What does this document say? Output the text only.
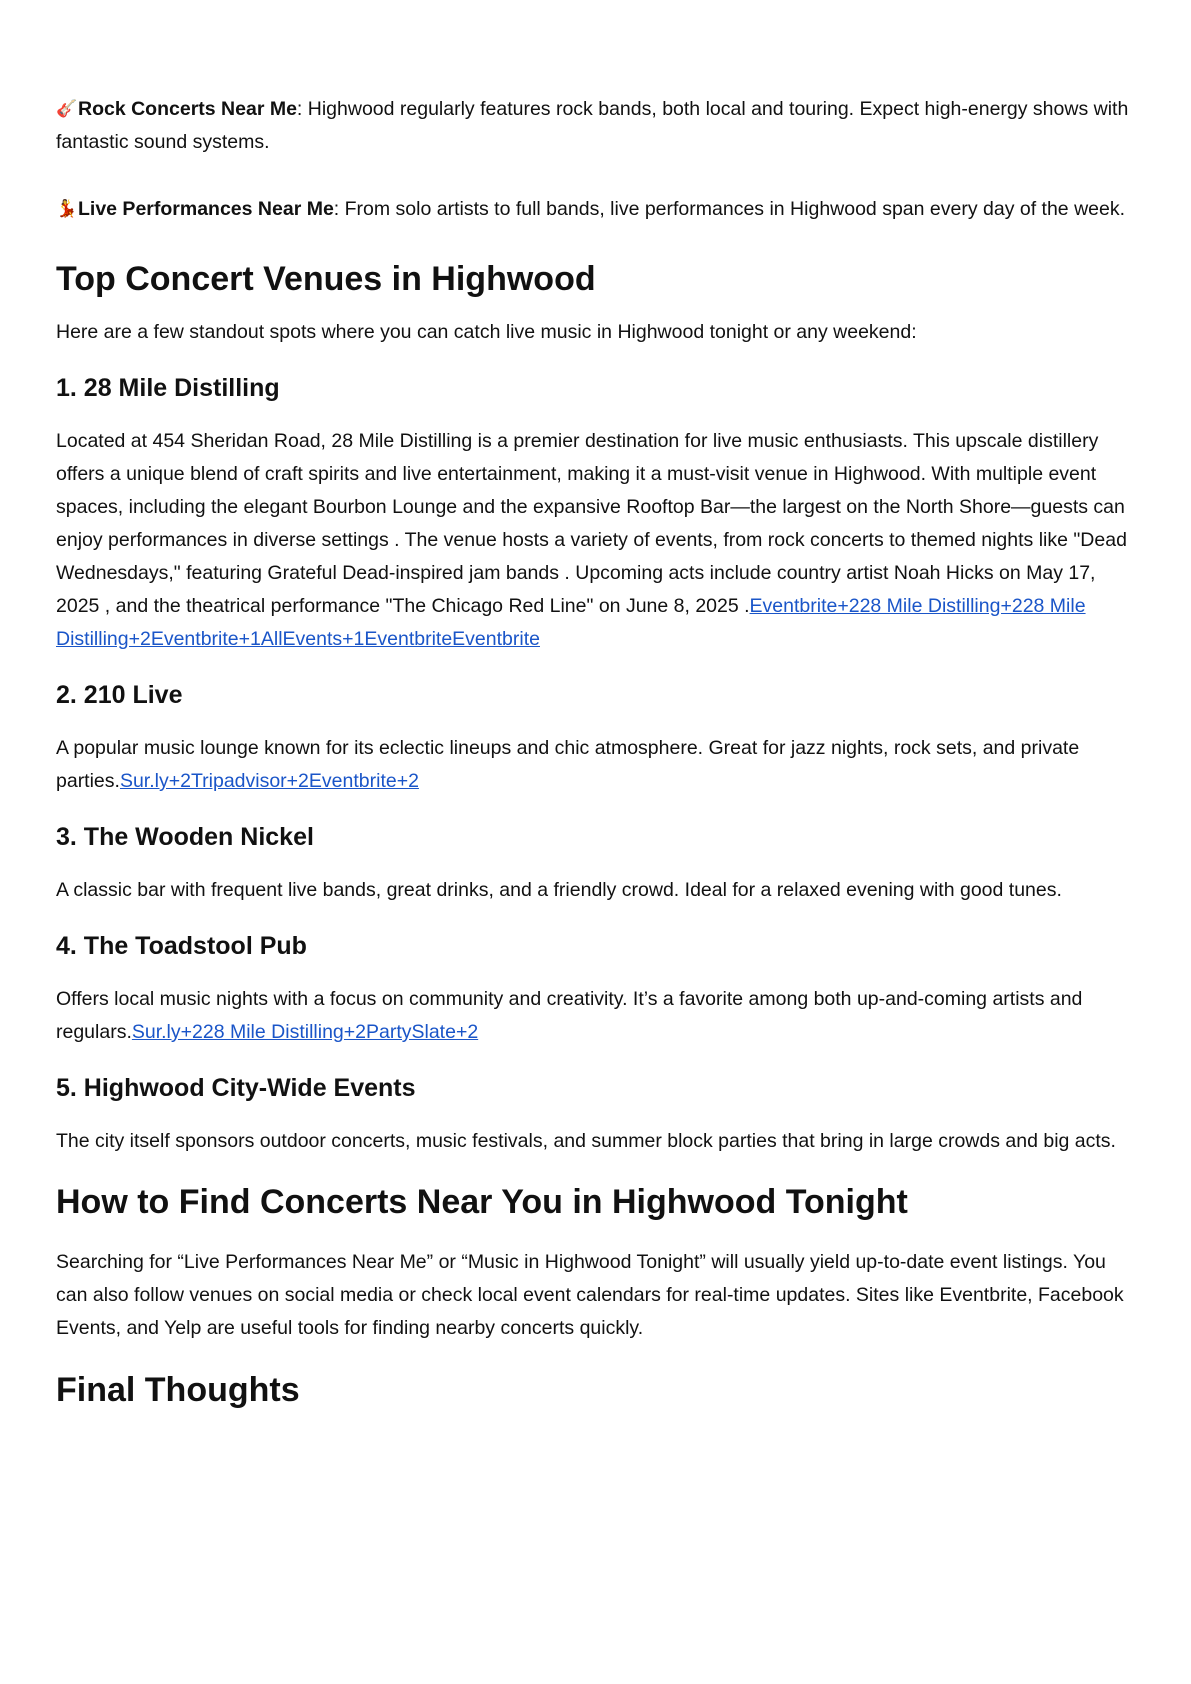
🎸Rock Concerts Near Me: Highwood regularly features rock bands, both local and touring. Expect high-energy shows with fantastic sound systems.

💃Live Performances Near Me: From solo artists to full bands, live performances in Highwood span every day of the week.

Top Concert Venues in Highwood

Here are a few standout spots where you can catch live music in Highwood tonight or any weekend:

1. 28 Mile Distilling

Located at 454 Sheridan Road, 28 Mile Distilling is a premier destination for live music enthusiasts. This upscale distillery offers a unique blend of craft spirits and live entertainment, making it a must-visit venue in Highwood. With multiple event spaces, including the elegant Bourbon Lounge and the expansive Rooftop Bar—the largest on the North Shore—guests can enjoy performances in diverse settings . The venue hosts a variety of events, from rock concerts to themed nights like "Dead Wednesdays," featuring Grateful Dead-inspired jam bands . Upcoming acts include country artist Noah Hicks on May 17, 2025 , and the theatrical performance "The Chicago Red Line" on June 8, 2025 .Eventbrite+228 Mile Distilling+228 Mile Distilling+2Eventbrite+1AllEvents+1EventbriteEventbrite

2. 210 Live

A popular music lounge known for its eclectic lineups and chic atmosphere. Great for jazz nights, rock sets, and private parties.Sur.ly+2Tripadvisor+2Eventbrite+2

3. The Wooden Nickel

A classic bar with frequent live bands, great drinks, and a friendly crowd. Ideal for a relaxed evening with good tunes.

4. The Toadstool Pub

Offers local music nights with a focus on community and creativity. It’s a favorite among both up-and-coming artists and regulars.Sur.ly+228 Mile Distilling+2PartySlate+2

5. Highwood City-Wide Events

The city itself sponsors outdoor concerts, music festivals, and summer block parties that bring in large crowds and big acts.

How to Find Concerts Near You in Highwood Tonight

Searching for “Live Performances Near Me” or “Music in Highwood Tonight” will usually yield up-to-date event listings. You can also follow venues on social media or check local event calendars for real-time updates. Sites like Eventbrite, Facebook Events, and Yelp are useful tools for finding nearby concerts quickly.

Final Thoughts
